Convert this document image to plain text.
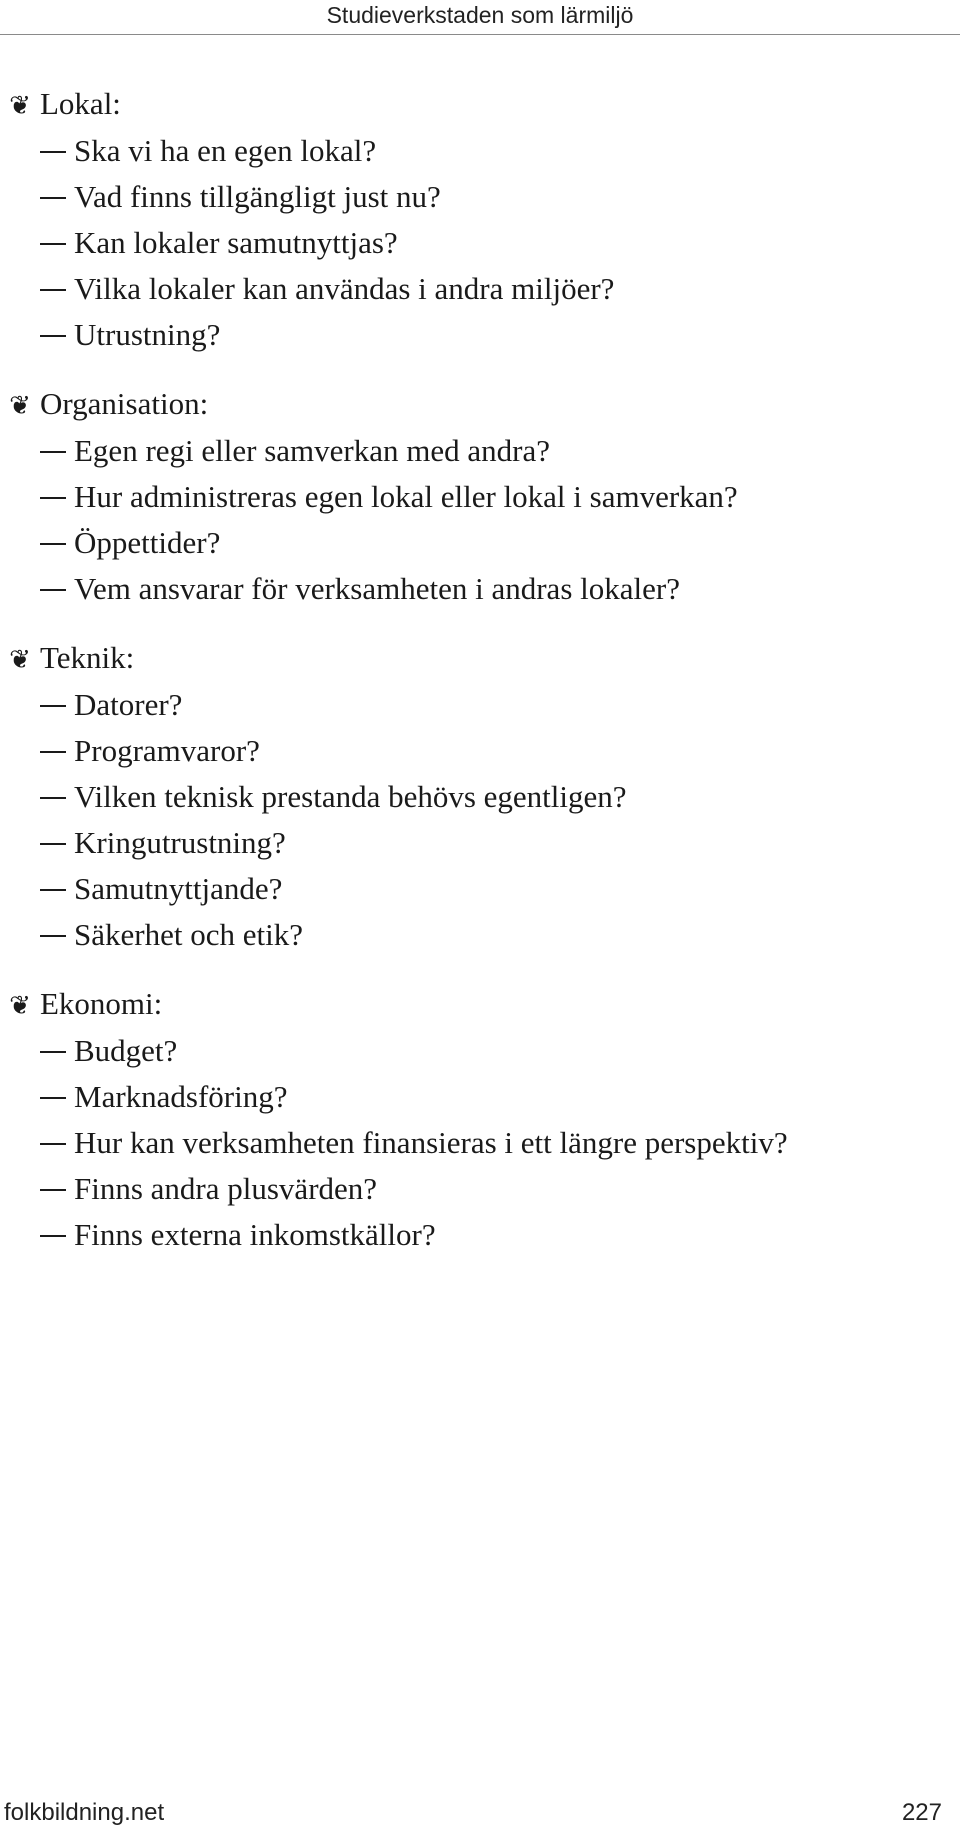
Studieverkstaden som lärmiljö
❦ Lokal:
Ska vi ha en egen lokal?
Vad finns tillgängligt just nu?
Kan lokaler samutnyttjas?
Vilka lokaler kan användas i andra miljöer?
Utrustning?
❦ Organisation:
Egen regi eller samverkan med andra?
Hur administreras egen lokal eller lokal i samverkan?
Öppettider?
Vem ansvarar för verksamheten i andras lokaler?
❦ Teknik:
Datorer?
Programvaror?
Vilken teknisk prestanda behövs egentligen?
Kringutrustning?
Samutnyttjande?
Säkerhet och etik?
❦ Ekonomi:
Budget?
Marknadsföring?
Hur kan verksamheten finansieras i ett längre perspektiv?
Finns andra plusvärden?
Finns externa inkomstkällor?
folkbildning.net	227
